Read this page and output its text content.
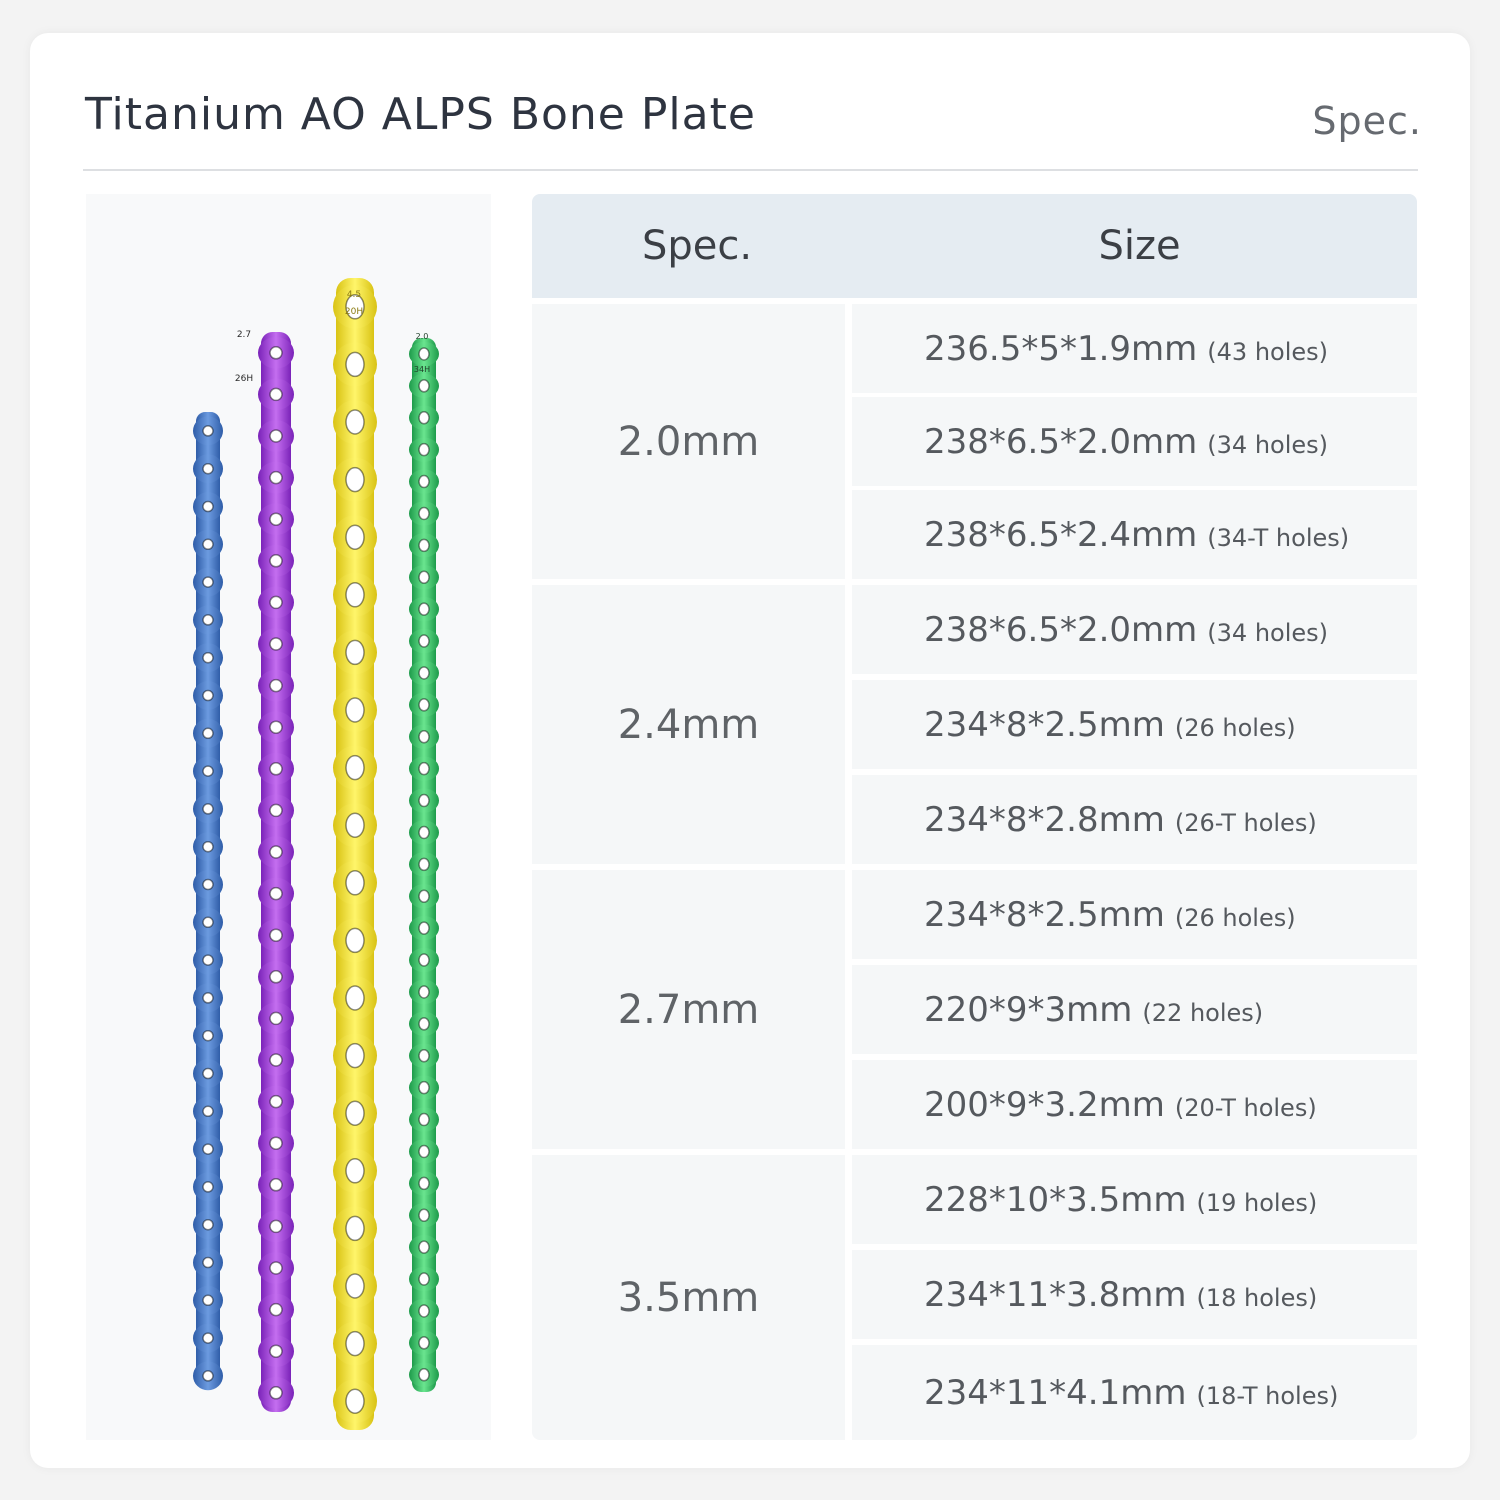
Titanium AO ALPS Bone Plate	Spec.
2.7
26H
4.5
20H
2.0
34H
Spec.	Size
2.0mm
236.5*5*1.9mm (43 holes)
238*6.5*2.0mm (34 holes)
238*6.5*2.4mm (34-T holes)
2.4mm
238*6.5*2.0mm (34 holes)
234*8*2.5mm (26 holes)
234*8*2.8mm (26-T holes)
2.7mm
234*8*2.5mm (26 holes)
220*9*3mm (22 holes)
200*9*3.2mm (20-T holes)
3.5mm
228*10*3.5mm (19 holes)
234*11*3.8mm (18 holes)
234*11*4.1mm (18-T holes)
